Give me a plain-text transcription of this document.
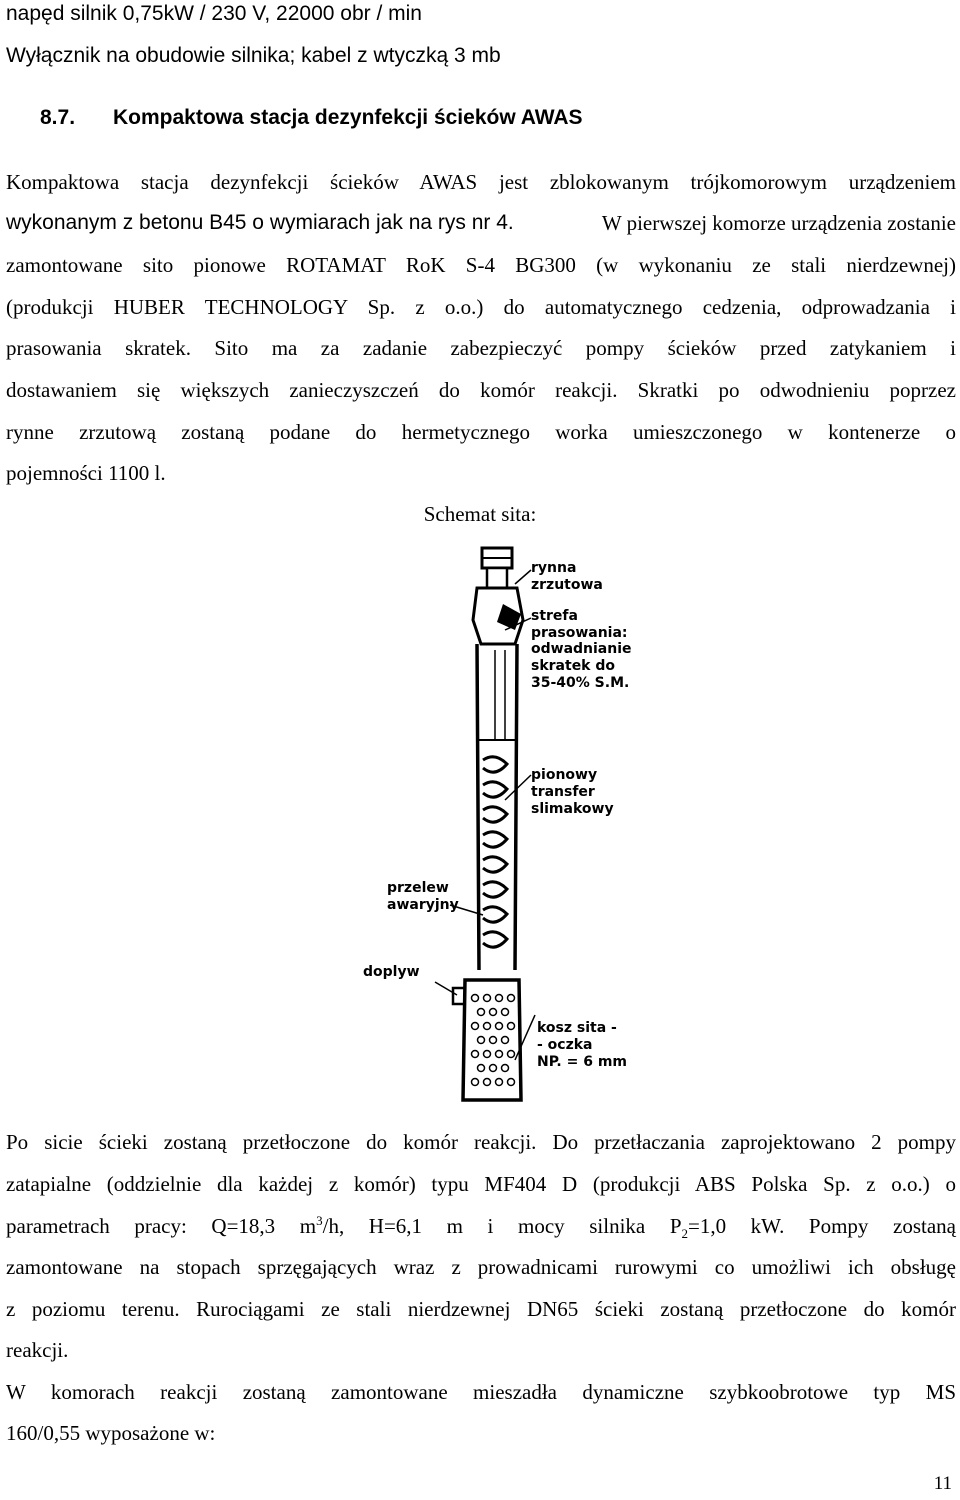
napęd silnik 0,75kW / 230 V, 22000 obr / min
Wyłącznik na obudowie silnika; kabel z wtyczką 3 mb
8.7. Kompaktowa stacja dezynfekcji ścieków AWAS
Kompaktowa stacja dezynfekcji ścieków AWAS jest zblokowanym trójkomorowym urządzeniem
wykonanym z betonu B45 o wymiarach jak na rys nr 4.	W pierwszej komorze urządzenia zostanie
zamontowane sito pionowe ROTAMAT RoK S-4 BG300 (w wykonaniu ze stali nierdzewnej)
(produkcji HUBER TECHNOLOGY Sp. z o.o.) do automatycznego cedzenia, odprowadzania i
prasowania skratek. Sito ma za zadanie zabezpieczyć pompy ścieków przed zatykaniem i
dostawaniem się większych zanieczyszczeń do komór reakcji. Skratki po odwodnieniu poprzez
rynne zrzutową zostaną podane do hermetycznego worka umieszczonego w kontenerze o
pojemności 1100 l.
Schemat sita:
rynna
zrzutowa
strefa
prasowania:
odwadnianie
skratek do
35-40% S.M.
pionowy
transfer
slimakowy
przelew
awaryjny
doplyw
kosz sita -
- oczka
NP. = 6 mm
Po sicie ścieki zostaną przetłoczone do komór reakcji. Do przetłaczania zaprojektowano 2 pompy
zatapialne (oddzielnie dla każdej z komór) typu MF404 D (produkcji ABS Polska Sp. z o.o.) o
parametrach pracy: Q=18,3 $m^3/h$, H=6,1 m i mocy silnika $P_2=1,0$ kW. Pompy zostaną
zamontowane na stopach sprzęgających wraz z prowadnicami rurowymi co umożliwi ich obsługę
z poziomu terenu. Rurociągami ze stali nierdzewnej DN65 ścieki zostaną przetłoczone do komór
reakcji.
W komorach reakcji zostaną zamontowane mieszadła dynamiczne szybkoobrotowe typ MS
160/0,55 wyposażone w:
11
